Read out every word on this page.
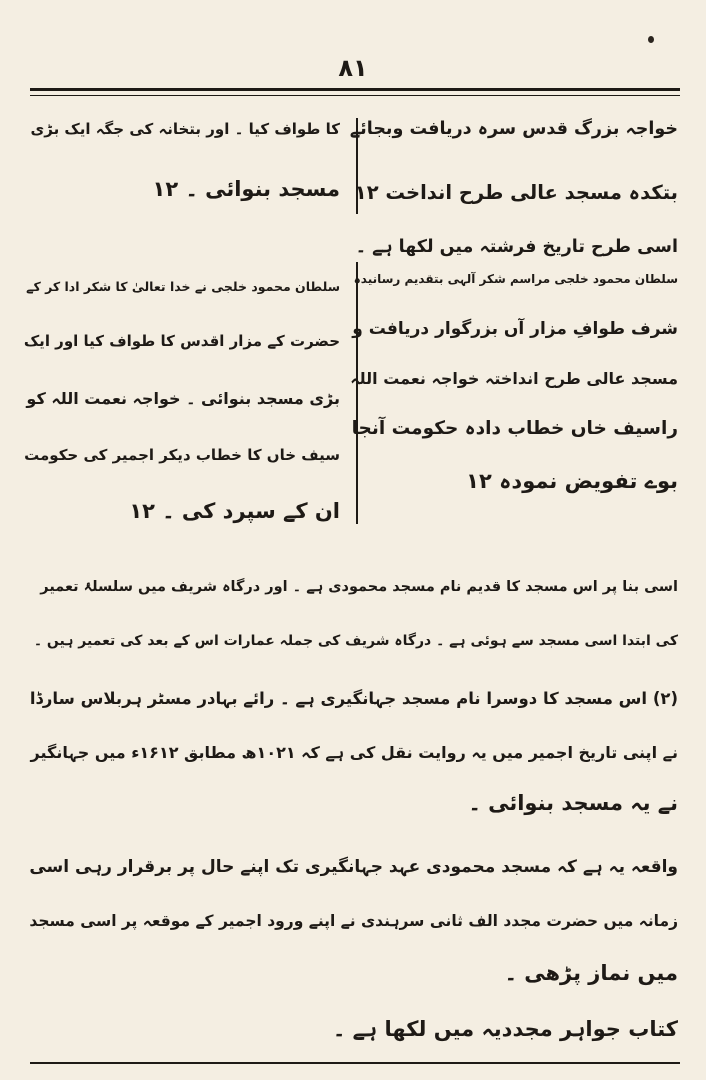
۸۱
خواجہ بزرگ قدس سرہ دریافت وبجائے
بتکدہ مسجد عالی طرح انداخت ۱۲
کا طواف کیا ۔ اور بتخانہ کی جگہ ایک بڑی
مسجد بنوائی ۔ ۱۲
اسی طرح تاریخ فرشتہ میں لکھا ہے ۔
سلطان محمود خلجی مراسم شکر آلہی بتقدیم رسانیدہ
شرف طوافِ مزار آں بزرگوار دریافت و
مسجد عالی طرح انداختہ خواجہ نعمت اللہ
راسیف خاں خطاب دادہ حکومت آنجا
بوے تفویض نمودہ ۱۲
سلطان محمود خلجی نے خدا تعالیٰ کا شکر ادا کر کے
حضرت کے مزار اقدس کا طواف کیا اور ایک
بڑی مسجد بنوائی ۔ خواجہ نعمت اللہ کو
سیف خاں کا خطاب دیکر اجمیر کی حکومت
ان کے سپرد کی ۔ ۱۲
اسی بنا پر اس مسجد کا قدیم نام مسجد محمودی ہے ۔ اور درگاہ شریف میں سلسلۂ تعمیر
کی ابتدا اسی مسجد سے ہوئی ہے ۔ درگاہ شریف کی جملہ عمارات اس کے بعد کی تعمیر ہیں ۔
(۲) اس مسجد کا دوسرا نام مسجد جہانگیری ہے ۔ رائے بہادر مسٹر ہربلاس سارڈا
نے اپنی تاریخ اجمیر میں یہ روایت نقل کی ہے کہ ۱۰۲۱ھ مطابق ۱۶۱۲ء میں جہانگیر
نے یہ مسجد بنوائی ۔
واقعہ یہ ہے کہ مسجد محمودی عہد جہانگیری تک اپنے حال پر برقرار رہی اسی
زمانہ میں حضرت مجدد الف ثانی سرہندی نے اپنے ورود اجمیر کے موقعہ پر اسی مسجد
میں نماز پڑھی ۔
کتاب جواہر مجددیہ میں لکھا ہے ۔
